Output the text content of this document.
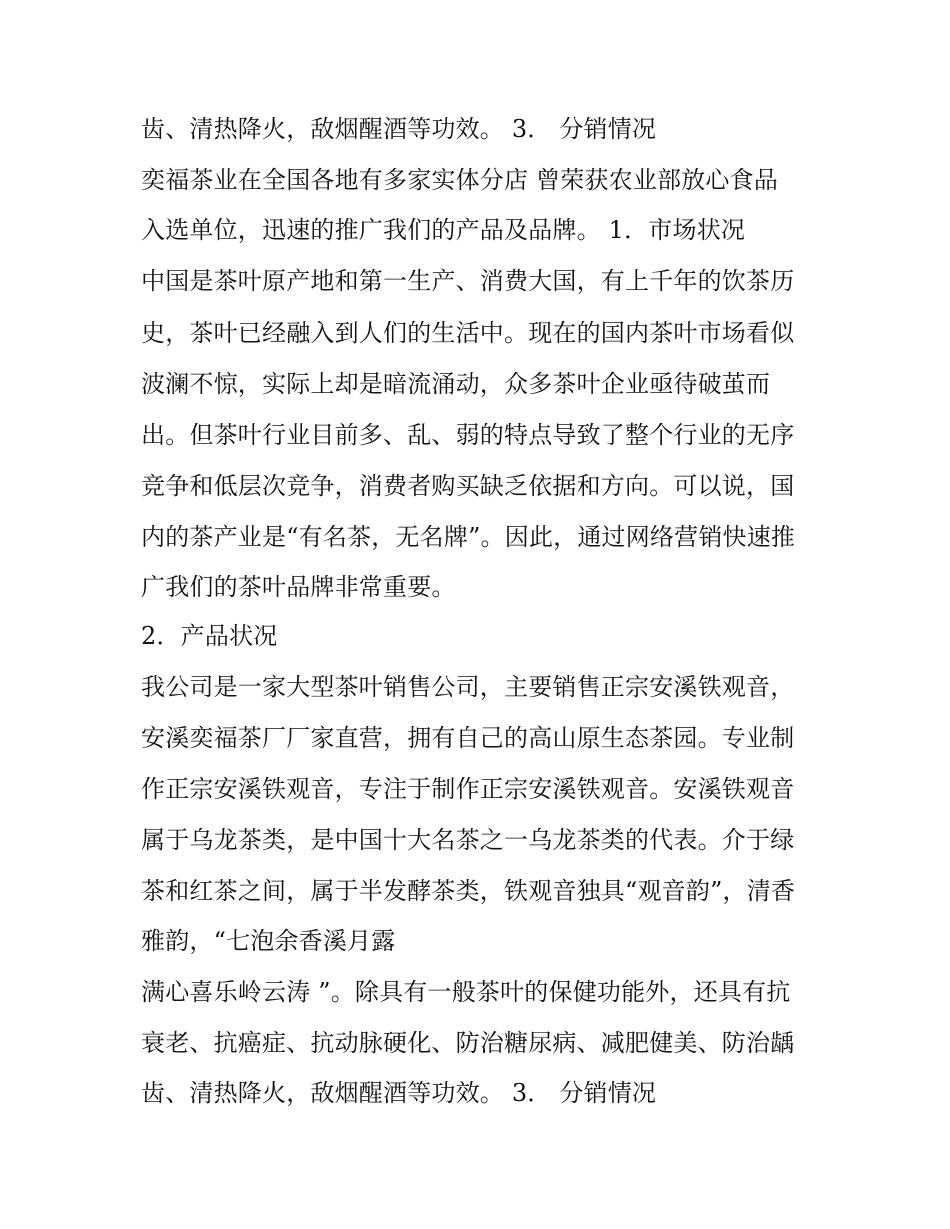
齿、清热降火，敌烟醒酒等功效。 3． 分销情况
奕福茶业在全国各地有多家实体分店 曾荣获农业部放心食品
入选单位，迅速的推广我们的产品及品牌。 1．市场状况
中国是茶叶原产地和第一生产、消费大国，有上千年的饮茶历
史，茶叶已经融入到人们的生活中。现在的国内茶叶市场看似
波澜不惊，实际上却是暗流涌动，众多茶叶企业亟待破茧而
出。但茶叶行业目前多、乱、弱的特点导致了整个行业的无序
竞争和低层次竞争，消费者购买缺乏依据和方向。可以说，国
内的茶产业是“有名茶，无名牌”。因此，通过网络营销快速推
广我们的茶叶品牌非常重要。
2．产品状况
我公司是一家大型茶叶销售公司，主要销售正宗安溪铁观音，
安溪奕福茶厂厂家直营，拥有自己的高山原生态茶园。专业制
作正宗安溪铁观音，专注于制作正宗安溪铁观音。安溪铁观音
属于乌龙茶类，是中国十大名茶之一乌龙茶类的代表。介于绿
茶和红茶之间，属于半发酵茶类，铁观音独具“观音韵”，清香
雅韵，“七泡余香溪月露
满心喜乐岭云涛 ”。除具有一般茶叶的保健功能外，还具有抗
衰老、抗癌症、抗动脉硬化、防治糖尿病、减肥健美、防治龋
齿、清热降火，敌烟醒酒等功效。 3． 分销情况
